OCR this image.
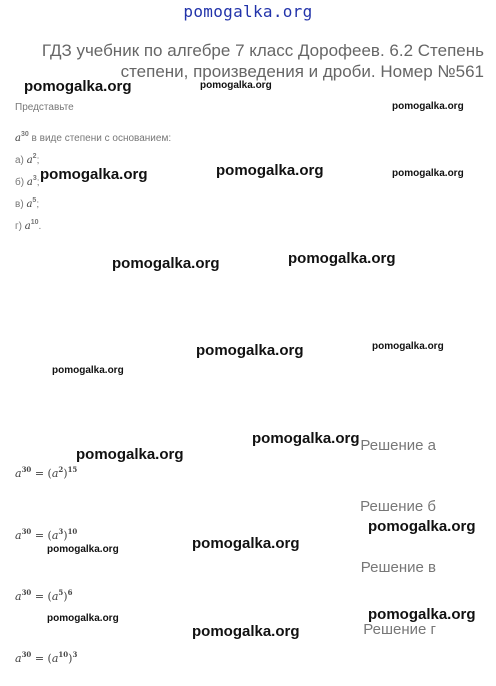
pomogalka.org
ГДЗ учебник по алгебре 7 класс Дорофеев. 6.2 Степень степени, произведения и дроби. Номер №561
Представьте
$a^{30}$ в виде степени с основанием:
а) $a^2$;
б) $a^3$;
в) $a^5$;
г) $a^{10}$.
Решение а
$a^{30} = (a^2)^{15}$
Решение б
$a^{30} = (a^3)^{10}$
Решение в
$a^{30} = (a^5)^6$
Решение г
$a^{30} = (a^{10})^3$
pomogalka.org	pomogalka.org
pomogalka.org
pomogalka.org	pomogalka.org	pomogalka.org
pomogalka.org	pomogalka.org
pomogalka.org	pomogalka.org
pomogalka.org
pomogalka.org
pomogalka.org
pomogalka.org
pomogalka.org
pomogalka.org
pomogalka.org
pomogalka.org
pomogalka.org
